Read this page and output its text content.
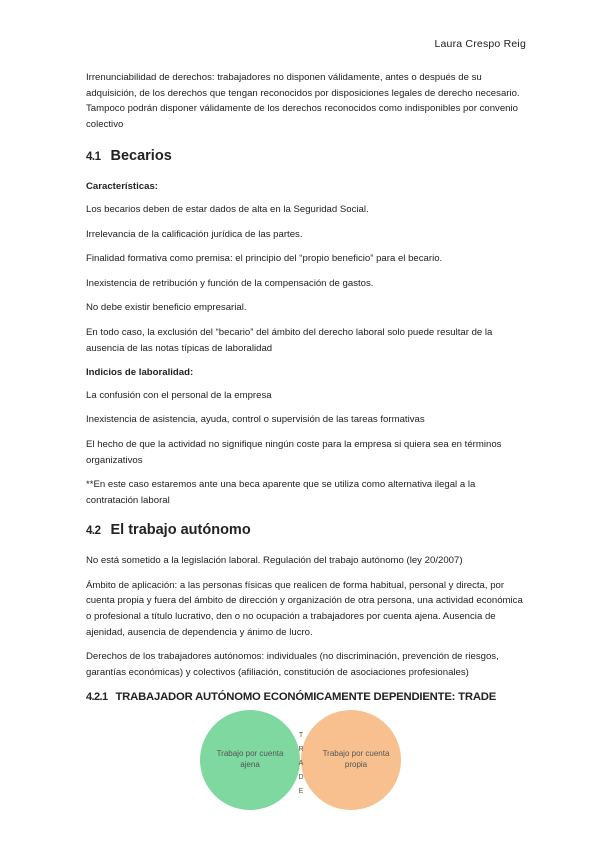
Laura Crespo Reig

Irrenunciabilidad de derechos: trabajadores no disponen válidamente, antes o después de su adquisición, de los derechos que tengan reconocidos por disposiciones legales de derecho necesario. Tampoco podrán disponer válidamente de los derechos reconocidos como indisponibles por convenio colectivo

4.1 Becarios

Características:

Los becarios deben de estar dados de alta en la Seguridad Social.

Irrelevancia de la calificación jurídica de las partes.

Finalidad formativa como premisa: el principio del “propio beneficio” para el becario.

Inexistencia de retribución y función de la compensación de gastos.

No debe existir beneficio empresarial.

En todo caso, la exclusión del “becario” del ámbito del derecho laboral solo puede resultar de la ausencia de las notas típicas de laboralidad

Indicios de laboralidad:

La confusión con el personal de la empresa

Inexistencia de asistencia, ayuda, control o supervisión de las tareas formativas

El hecho de que la actividad no signifique ningún coste para la empresa si quiera sea en términos organizativos

**En este caso estaremos ante una beca aparente que se utiliza como alternativa ilegal a la contratación laboral

4.2 El trabajo autónomo

No está sometido a la legislación laboral. Regulación del trabajo autónomo (ley 20/2007)

Ámbito de aplicación: a las personas físicas que realicen de forma habitual, personal y directa, por cuenta propia y fuera del ámbito de dirección y organización de otra persona, una actividad económica o profesional a título lucrativo, den o no ocupación a trabajadores por cuenta ajena. Ausencia de ajenidad, ausencia de dependencia y ánimo de lucro.

Derechos de los trabajadores autónomos: individuales (no discriminación, prevención de riesgos, garantías económicas) y colectivos (afiliación, constitución de asociaciones profesionales)

4.2.1 TRABAJADOR AUTÓNOMO ECONÓMICAMENTE DEPENDIENTE: TRADE
Trabajo por cuenta
ajena
Trabajo por cuenta
propia
T
R
A
D
E
